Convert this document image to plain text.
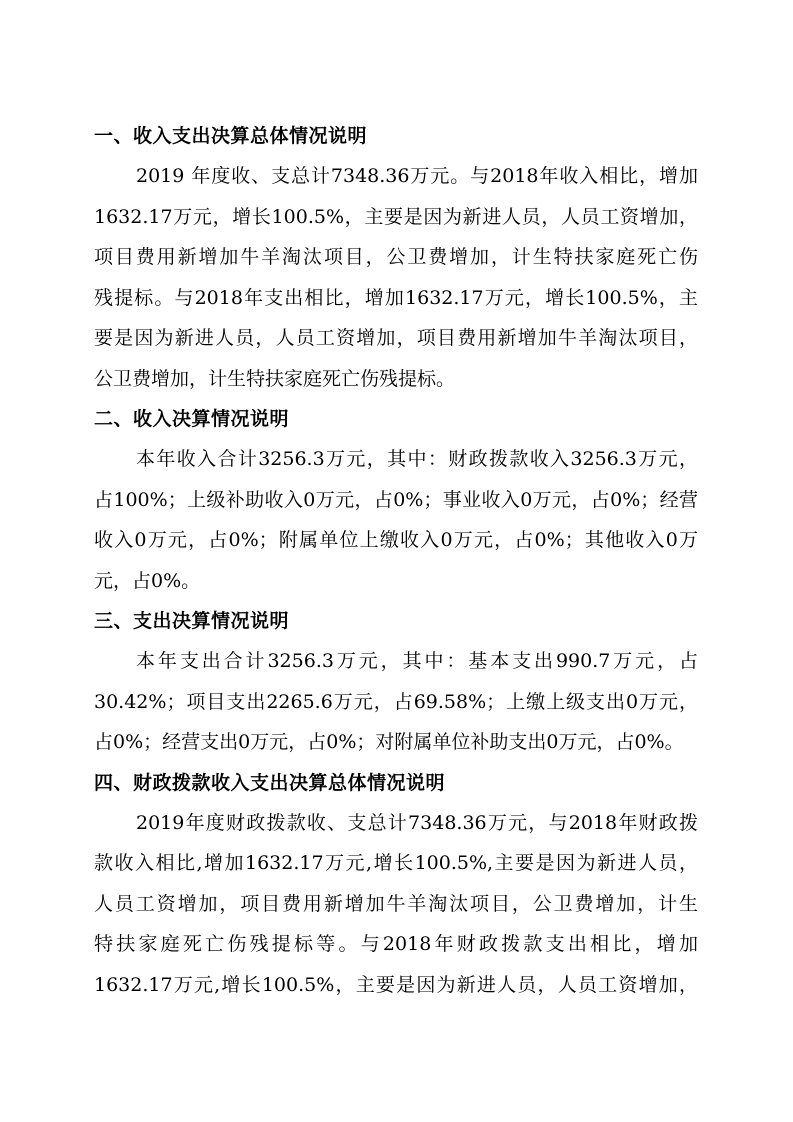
一、收入支出决算总体情况说明
2019 年度收、支总计7348.36万元。与2018年收入相比，增加
1632.17万元，增长100.5%，主要是因为新进人员，人员工资增加，
项目费用新增加牛羊淘汰项目，公卫费增加，计生特扶家庭死亡伤
残提标。与2018年支出相比，增加1632.17万元，增长100.5%，主
要是因为新进人员，人员工资增加，项目费用新增加牛羊淘汰项目，
公卫费增加，计生特扶家庭死亡伤残提标。
二、收入决算情况说明
本年收入合计3256.3万元，其中：财政拨款收入3256.3万元，
占100%；上级补助收入0万元，占0%；事业收入0万元，占0%；经营
收入0万元，占0%；附属单位上缴收入0万元，占0%；其他收入0万
元，占0%。
三、支出决算情况说明
本年支出合计3256.3万元，其中：基本支出990.7万元，占
30.42%；项目支出2265.6万元，占69.58%；上缴上级支出0万元，
占0%；经营支出0万元，占0%；对附属单位补助支出0万元，占0%。
四、财政拨款收入支出决算总体情况说明
2019年度财政拨款收、支总计7348.36万元，与2018年财政拨
款收入相比,增加1632.17万元,增长100.5%,主要是因为新进人员，
人员工资增加，项目费用新增加牛羊淘汰项目，公卫费增加，计生
特扶家庭死亡伤残提标等。与2018年财政拨款支出相比，增加
1632.17万元,增长100.5%，主要是因为新进人员，人员工资增加，
